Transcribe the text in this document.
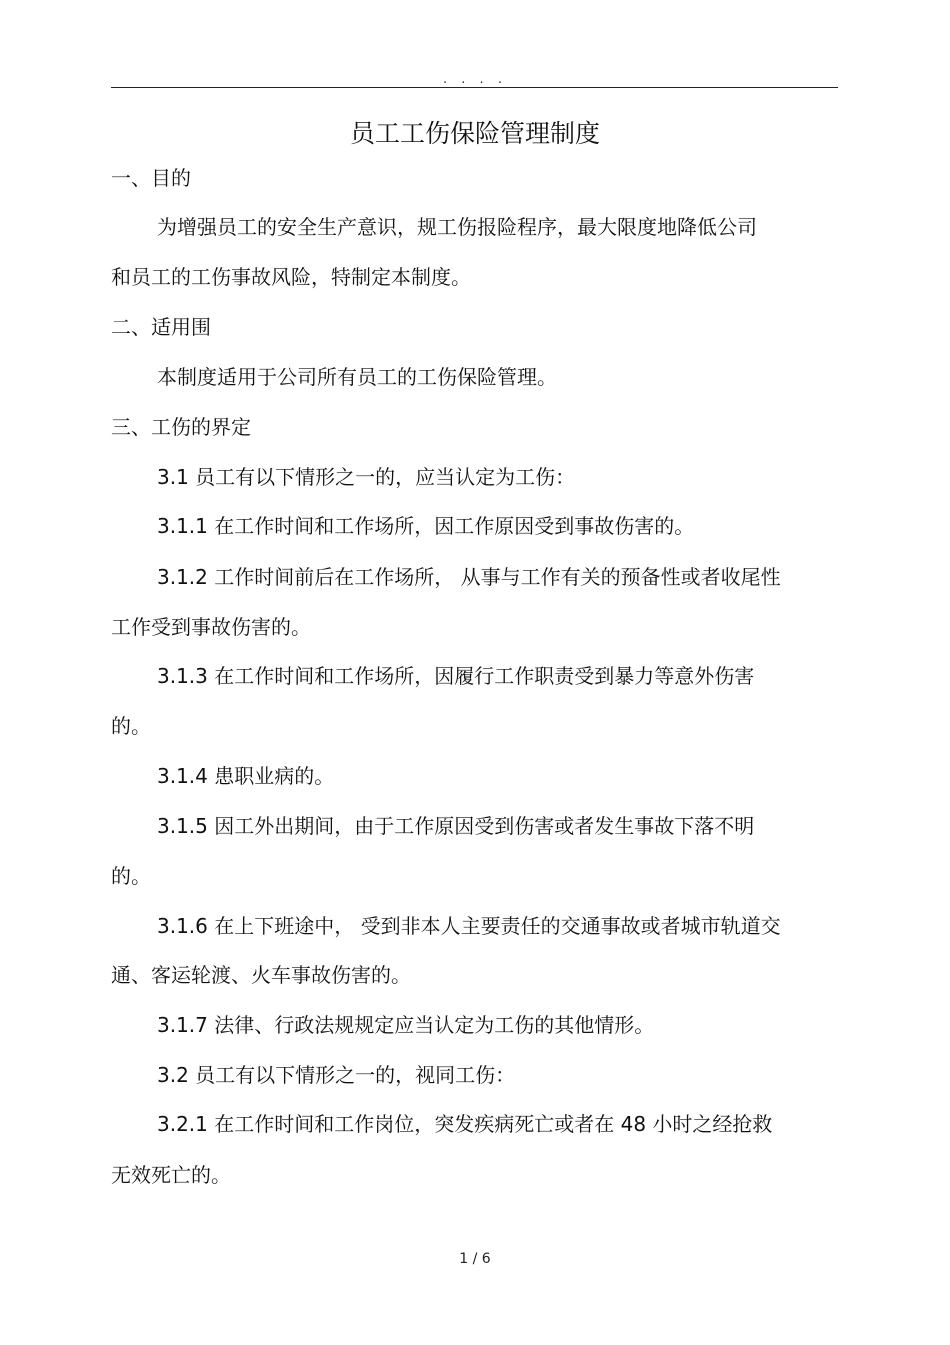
. . . .
员工工伤保险管理制度
一、目的
为增强员工的安全生产意识，规工伤报险程序，最大限度地降低公司
和员工的工伤事故风险，特制定本制度。
二、适用围
本制度适用于公司所有员工的工伤保险管理。
三、工伤的界定
3.1 员工有以下情形之一的，应当认定为工伤：
3.1.1 在工作时间和工作场所，因工作原因受到事故伤害的。
3.1.2 工作时间前后在工作场所， 从事与工作有关的预备性或者收尾性
工作受到事故伤害的。
3.1.3 在工作时间和工作场所，因履行工作职责受到暴力等意外伤害
的。
3.1.4 患职业病的。
3.1.5 因工外出期间，由于工作原因受到伤害或者发生事故下落不明
的。
3.1.6 在上下班途中， 受到非本人主要责任的交通事故或者城市轨道交
通、客运轮渡、火车事故伤害的。
3.1.7 法律、行政法规规定应当认定为工伤的其他情形。
3.2 员工有以下情形之一的，视同工伤：
3.2.1 在工作时间和工作岗位，突发疾病死亡或者在 48 小时之经抢救
无效死亡的。
1 / 6
